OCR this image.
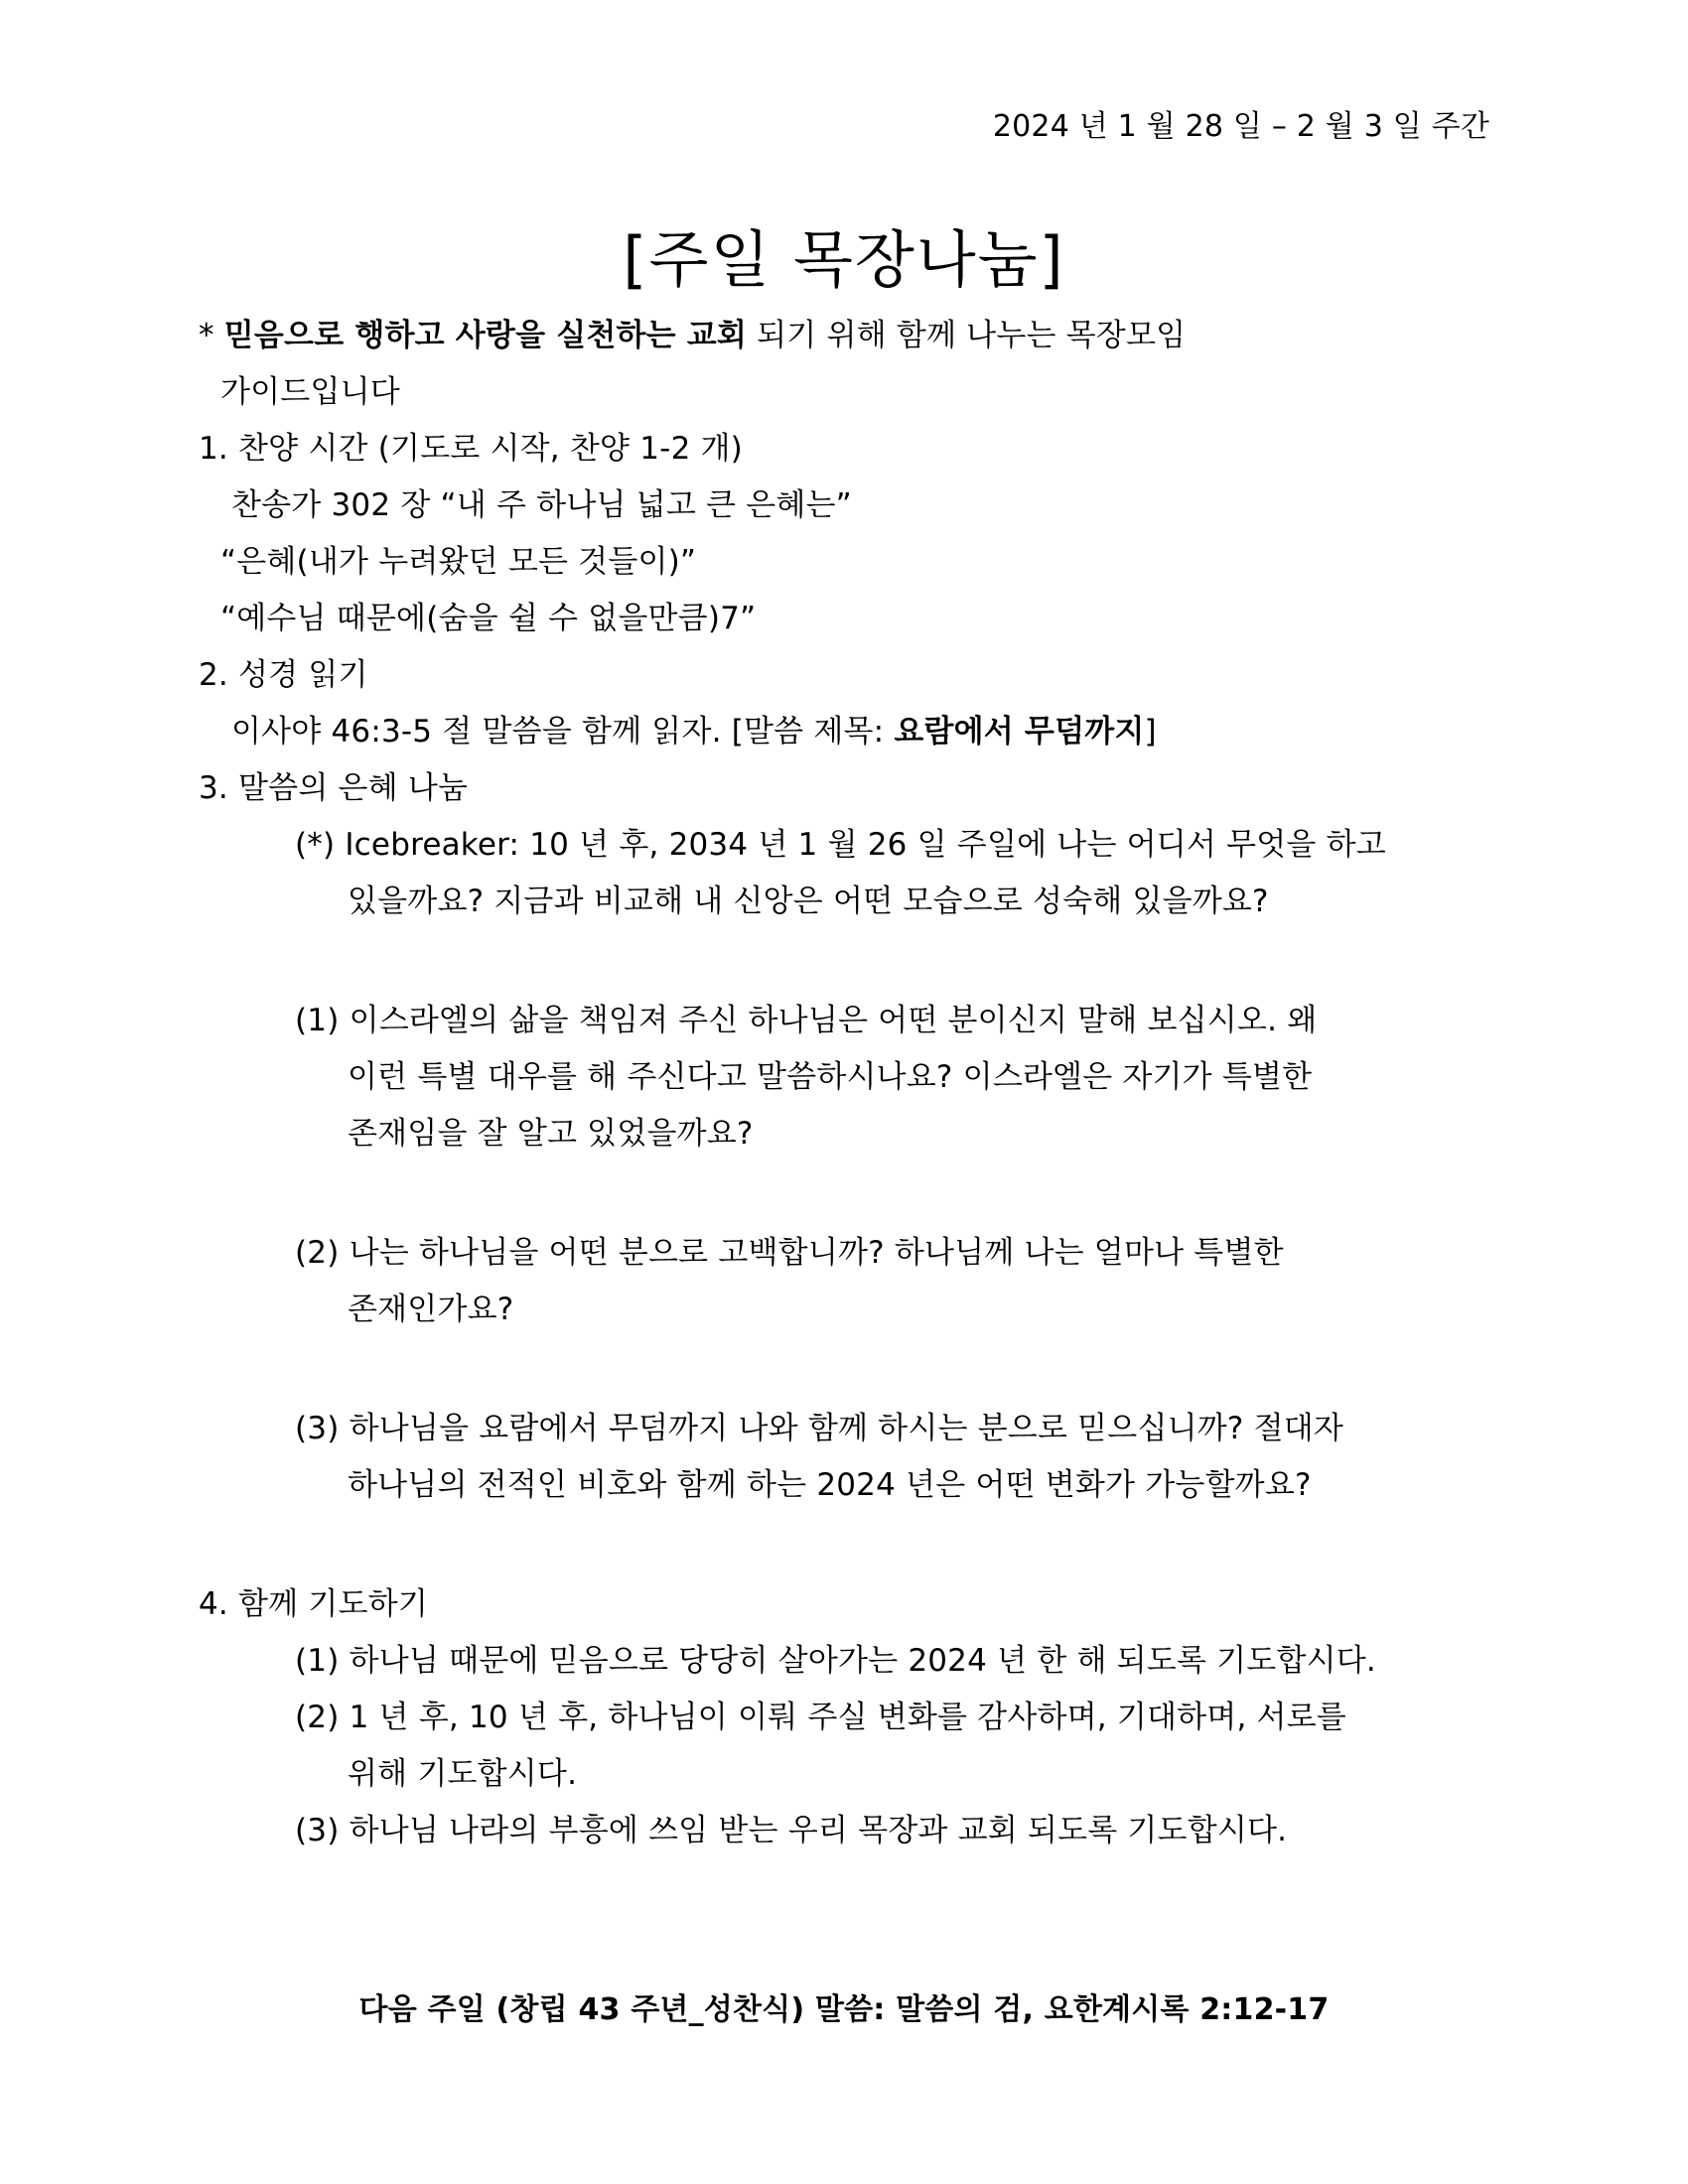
2024 년 1 월 28 일 – 2 월 3 일 주간
[주일 목장나눔]
* 믿음으로 행하고 사랑을 실천하는 교회 되기 위해 함께 나누는 목장모임
가이드입니다
1. 찬양 시간 (기도로 시작, 찬양 1-2 개)
찬송가 302 장 “내 주 하나님 넓고 큰 은혜는”
“은혜(내가 누려왔던 모든 것들이)”
“예수님 때문에(숨을 쉴 수 없을만큼)7”
2. 성경 읽기
이사야 46:3-5 절 말씀을 함께 읽자. [말씀 제목: 요람에서 무덤까지]
3. 말씀의 은혜 나눔
(*) Icebreaker: 10 년 후, 2034 년 1 월 26 일 주일에 나는 어디서 무엇을 하고
있을까요? 지금과 비교해 내 신앙은 어떤 모습으로 성숙해 있을까요?
(1) 이스라엘의 삶을 책임져 주신 하나님은 어떤 분이신지 말해 보십시오. 왜
이런 특별 대우를 해 주신다고 말씀하시나요? 이스라엘은 자기가 특별한
존재임을 잘 알고 있었을까요?
(2) 나는 하나님을 어떤 분으로 고백합니까? 하나님께 나는 얼마나 특별한
존재인가요?
(3) 하나님을 요람에서 무덤까지 나와 함께 하시는 분으로 믿으십니까? 절대자
하나님의 전적인 비호와 함께 하는 2024 년은 어떤 변화가 가능할까요?
4. 함께 기도하기
(1) 하나님 때문에 믿음으로 당당히 살아가는 2024 년 한 해 되도록 기도합시다.
(2) 1 년 후, 10 년 후, 하나님이 이뤄 주실 변화를 감사하며, 기대하며, 서로를
위해 기도합시다.
(3) 하나님 나라의 부흥에 쓰임 받는 우리 목장과 교회 되도록 기도합시다.
다음 주일 (창립 43 주년_성찬식) 말씀: 말씀의 검, 요한계시록 2:12-17
